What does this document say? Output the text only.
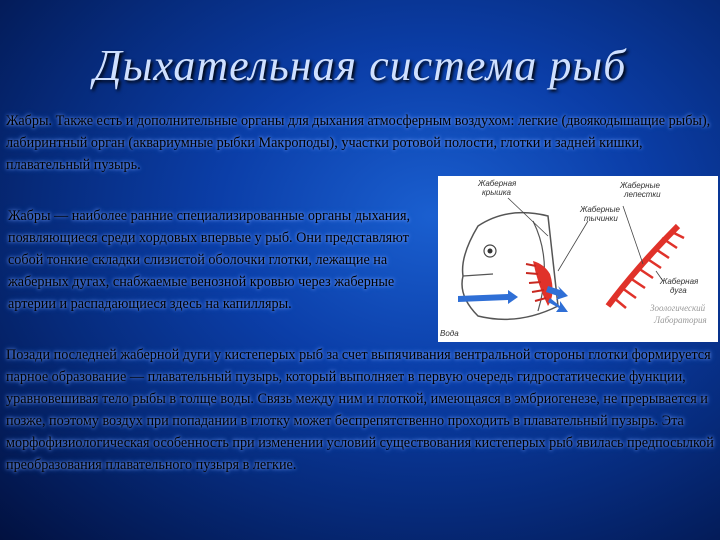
Дыхательная система рыб
Жабры. Также есть и дополнительные органы для дыхания атмосферным воздухом: легкие (двоякодышащие рыбы), лабиринтный орган (аквариумные рыбки Макроподы), участки ротовой полости, глотки и задней кишки, плавательный пузырь.
Жабры — наиболее ранние специализированные органы дыхания, появляющиеся среди хордовых впервые у рыб. Они представляют собой тонкие складки слизистой оболочки глотки, лежащие на жаберных дугах, снабжаемые венозной кровью через жаберные артерии и распадающиеся здесь на капилляры.
Жаберная
крышка
Жаберные
лепестки
Жаберные
тычинки
Жаберная
дуга
Вода
Зоологический
Лаборатория
Позади последней жаберной дуги у кистеперых рыб за счет выпячивания вентральной стороны глотки формируется парное образование — плавательный пузырь, который выполняет в первую очередь гидростатические функции, уравновешивая тело рыбы в толще воды. Связь между ним и глоткой, имеющаяся в эмбриогенезе, не прерывается и позже, поэтому воздух при попадании в глотку может беспрепятственно проходить в плавательный пузырь. Эта морфофизиологическая особенность при изменении условий существования кистеперых рыб явилась предпосылкой преобразования плавательного пузыря в легкие.
